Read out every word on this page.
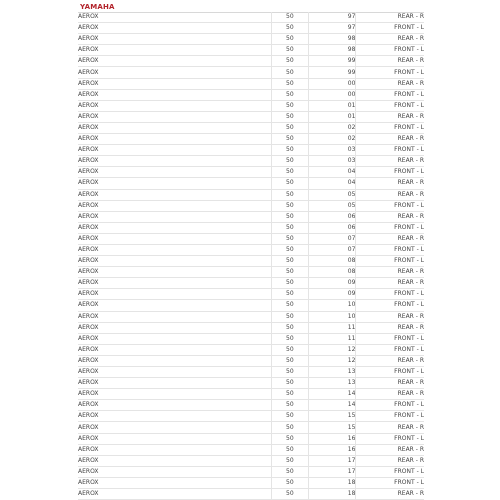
YAMAHA
AEROX	50	97	REAR - R
AEROX	50	97	FRONT - L
AEROX	50	98	REAR - R
AEROX	50	98	FRONT - L
AEROX	50	99	REAR - R
AEROX	50	99	FRONT - L
AEROX	50	00	REAR - R
AEROX	50	00	FRONT - L
AEROX	50	01	FRONT - L
AEROX	50	01	REAR - R
AEROX	50	02	FRONT - L
AEROX	50	02	REAR - R
AEROX	50	03	FRONT - L
AEROX	50	03	REAR - R
AEROX	50	04	FRONT - L
AEROX	50	04	REAR - R
AEROX	50	05	REAR - R
AEROX	50	05	FRONT - L
AEROX	50	06	REAR - R
AEROX	50	06	FRONT - L
AEROX	50	07	REAR - R
AEROX	50	07	FRONT - L
AEROX	50	08	FRONT - L
AEROX	50	08	REAR - R
AEROX	50	09	REAR - R
AEROX	50	09	FRONT - L
AEROX	50	10	FRONT - L
AEROX	50	10	REAR - R
AEROX	50	11	REAR - R
AEROX	50	11	FRONT - L
AEROX	50	12	FRONT - L
AEROX	50	12	REAR - R
AEROX	50	13	FRONT - L
AEROX	50	13	REAR - R
AEROX	50	14	REAR - R
AEROX	50	14	FRONT - L
AEROX	50	15	FRONT - L
AEROX	50	15	REAR - R
AEROX	50	16	FRONT - L
AEROX	50	16	REAR - R
AEROX	50	17	REAR - R
AEROX	50	17	FRONT - L
AEROX	50	18	FRONT - L
AEROX	50	18	REAR - R
